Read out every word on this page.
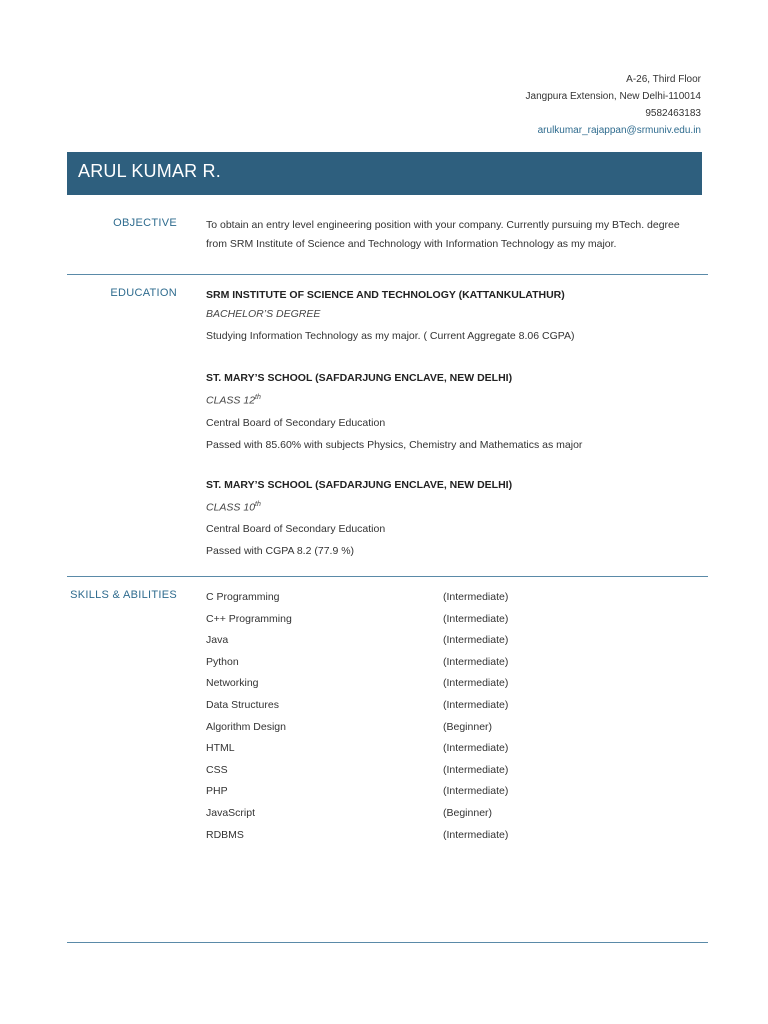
A-26, Third Floor
Jangpura Extension, New Delhi-110014
9582463183
arulkumar_rajappan@srmuniv.edu.in
ARUL KUMAR R.
OBJECTIVE	To obtain an entry level engineering position with your company. Currently pursuing my BTech. degree from SRM Institute of Science and Technology with Information Technology as my major.
EDUCATION	SRM INSTITUTE OF SCIENCE AND TECHNOLOGY (KATTANKULATHUR)
BACHELOR’S DEGREE
Studying Information Technology as my major. ( Current Aggregate 8.06 CGPA)
ST. MARY’S SCHOOL (SAFDARJUNG ENCLAVE, NEW DELHI)
CLASS 12th
Central Board of Secondary Education
Passed with 85.60% with subjects Physics, Chemistry and Mathematics as major
ST. MARY’S SCHOOL (SAFDARJUNG ENCLAVE, NEW DELHI)
CLASS 10th
Central Board of Secondary Education
Passed with CGPA 8.2 (77.9 %)
SKILLS & ABILITIES	C Programming	(Intermediate)
C++ Programming	(Intermediate)
Java	(Intermediate)
Python	(Intermediate)
Networking	(Intermediate)
Data Structures	(Intermediate)
Algorithm Design	(Beginner)
HTML	(Intermediate)
CSS	(Intermediate)
PHP	(Intermediate)
JavaScript	(Beginner)
RDBMS	(Intermediate)
